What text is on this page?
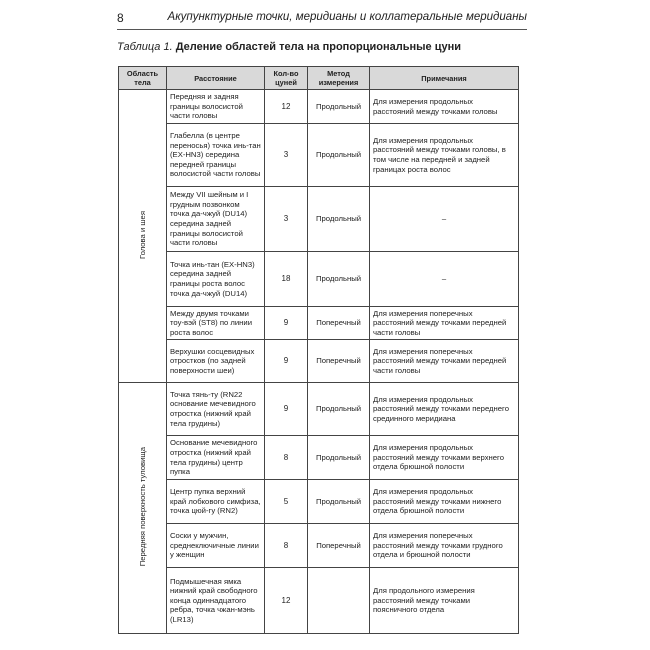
8	Акупунктурные точки, меридианы и коллатеральные меридианы
Таблица 1. Деление областей тела на пропорциональные цуни
Область тела	Расстояние	Кол-во цуней	Метод измерения	Примечания
Голова и шея	Передняя и задняя границы волосистой части головы	12	Продольный	Для измерения продольных расстояний между точками головы
	Глабелла (в центре переносья) точка инь-тан (EX-HN3) середина передней границы волосистой части головы	3	Продольный	Для измерения продольных расстояний между точками головы, в том числе на передней и задней границах роста волос
	Между VII шейным и I грудным позвонком точка да-чжуй (DU14) середина задней границы волосистой части головы	3	Продольный	–
	Точка инь-тан (EX-HN3) середина задней границы роста волос точка да-чжуй (DU14)	18	Продольный	–
	Между двумя точками тоу-вэй (ST8) по линии роста волос	9	Поперечный	Для измерения поперечных расстояний между точками передней части головы
	Верхушки сосцевидных отростков (по задней поверхности шеи)	9	Поперечный	Для измерения поперечных расстояний между точками передней части головы
Передняя поверхность туловища	Точка тянь-ту (RN22 основание мечевидного отростка (нижний край тела грудины)	9	Продольный	Для измерения продольных расстояний между точками переднего срединного меридиана
	Основание мечевидного отростка (нижний край тела грудины) центр пупка	8	Продольный	Для измерения продольных расстояний между точками верхнего отдела брюшной полости
	Центр пупка верхний край лобкового симфиза, точка цюй-гу (RN2)	5	Продольный	Для измерения продольных расстояний между точками нижнего отдела брюшной полости
	Соски у мужчин, среднеключичные линии у женщин	8	Поперечный	Для измерения поперечных расстояний между точками грудного отдела и брюшной полости
	Подмышечная ямка нижний край свободного конца одиннадцатого ребра, точка чжан-мэнь (LR13)	12		Для продольного измерения расстояний между точками поясничного отдела
